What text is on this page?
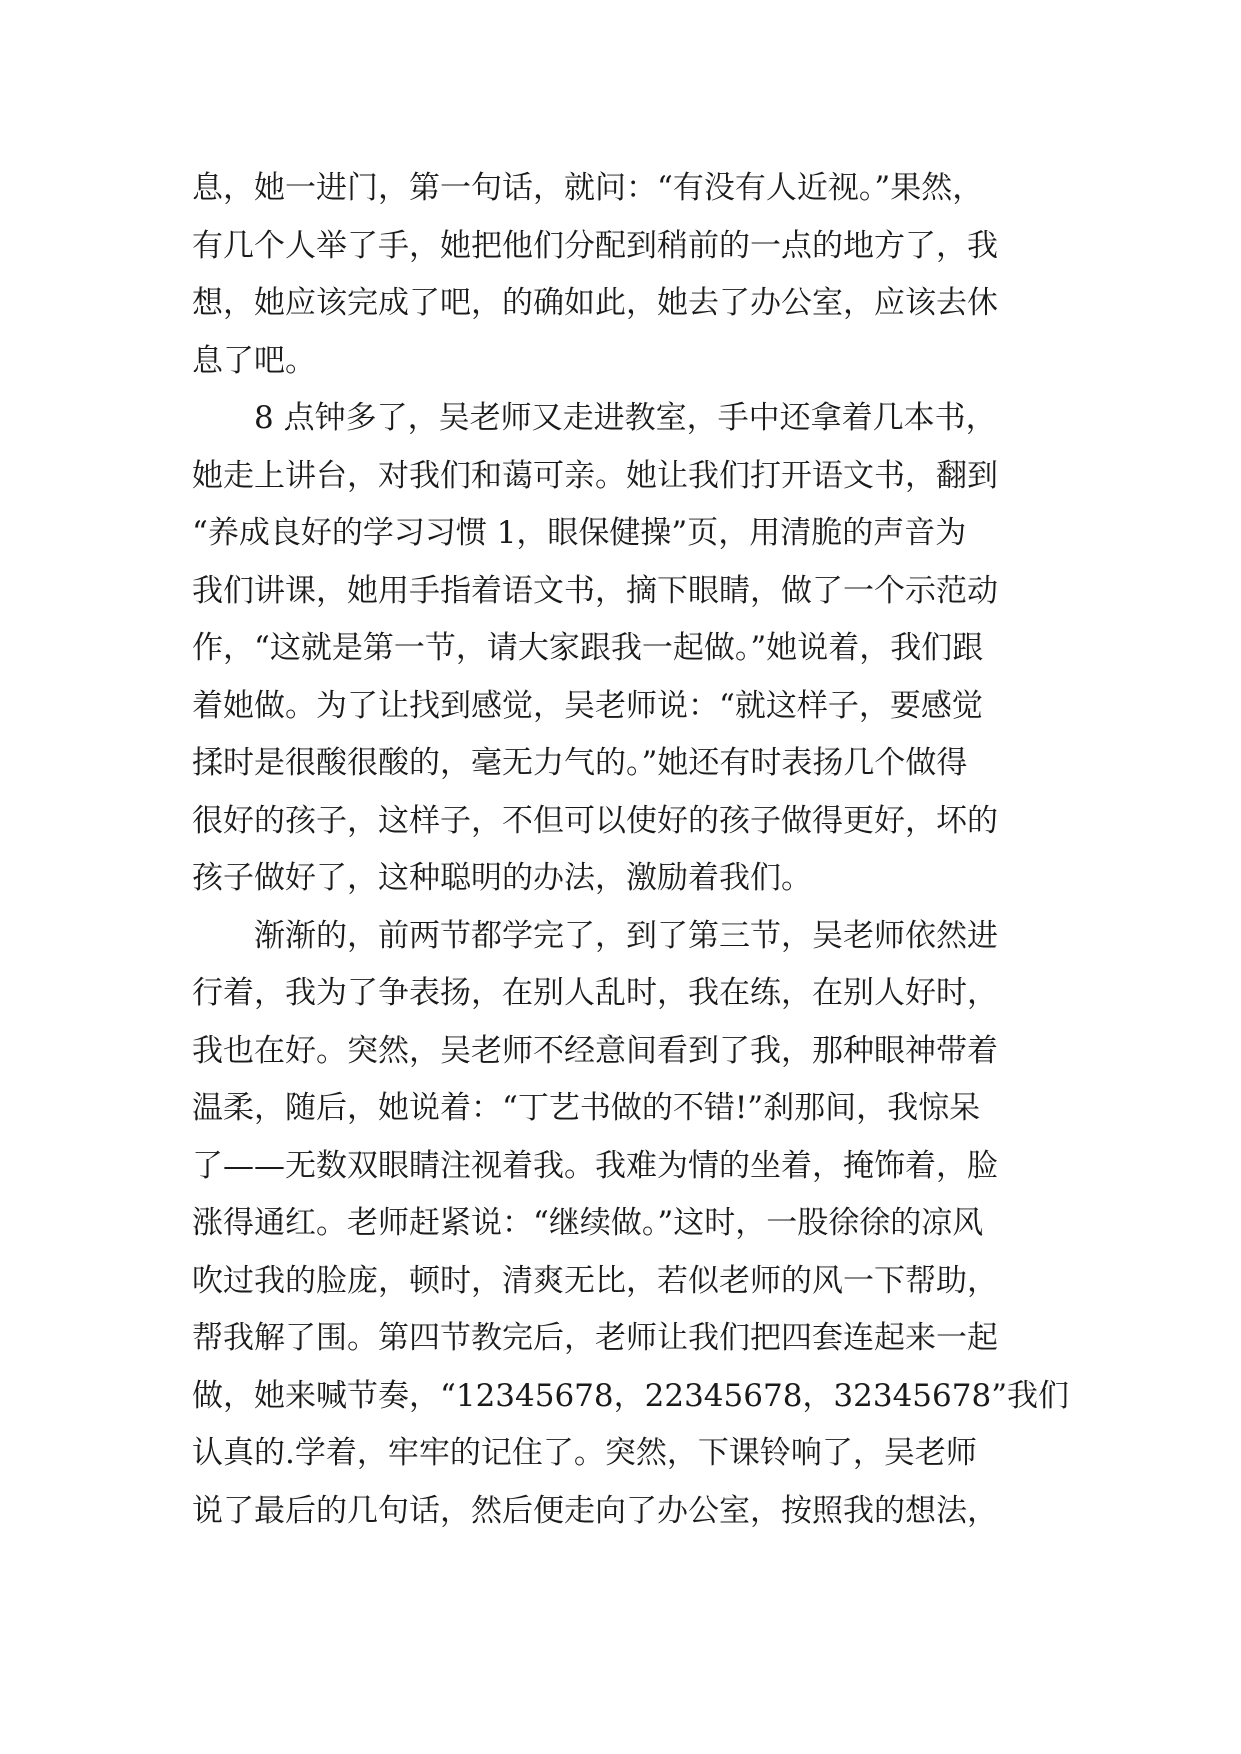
息，她一进门，第一句话，就问：“有没有人近视。”果然，
有几个人举了手，她把他们分配到稍前的一点的地方了，我
想，她应该完成了吧，的确如此，她去了办公室，应该去休
息了吧。
8 点钟多了，吴老师又走进教室，手中还拿着几本书，
她走上讲台，对我们和蔼可亲。她让我们打开语文书，翻到
“养成良好的学习习惯 1，眼保健操”页，用清脆的声音为
我们讲课，她用手指着语文书，摘下眼睛，做了一个示范动
作，“这就是第一节，请大家跟我一起做。”她说着，我们跟
着她做。为了让找到感觉，吴老师说：“就这样子，要感觉
揉时是很酸很酸的，毫无力气的。”她还有时表扬几个做得
很好的孩子，这样子，不但可以使好的孩子做得更好，坏的
孩子做好了，这种聪明的办法，激励着我们。
渐渐的，前两节都学完了，到了第三节，吴老师依然进
行着，我为了争表扬，在别人乱时，我在练，在别人好时，
我也在好。突然，吴老师不经意间看到了我，那种眼神带着
温柔，随后，她说着：“丁艺书做的不错!”刹那间，我惊呆
了——无数双眼睛注视着我。我难为情的坐着，掩饰着，脸
涨得通红。老师赶紧说：“继续做。”这时，一股徐徐的凉风
吹过我的脸庞，顿时，清爽无比，若似老师的风一下帮助，
帮我解了围。第四节教完后，老师让我们把四套连起来一起
做，她来喊节奏，“12345678，22345678，32345678”我们
认真的.学着，牢牢的记住了。突然，下课铃响了，吴老师
说了最后的几句话，然后便走向了办公室，按照我的想法，
